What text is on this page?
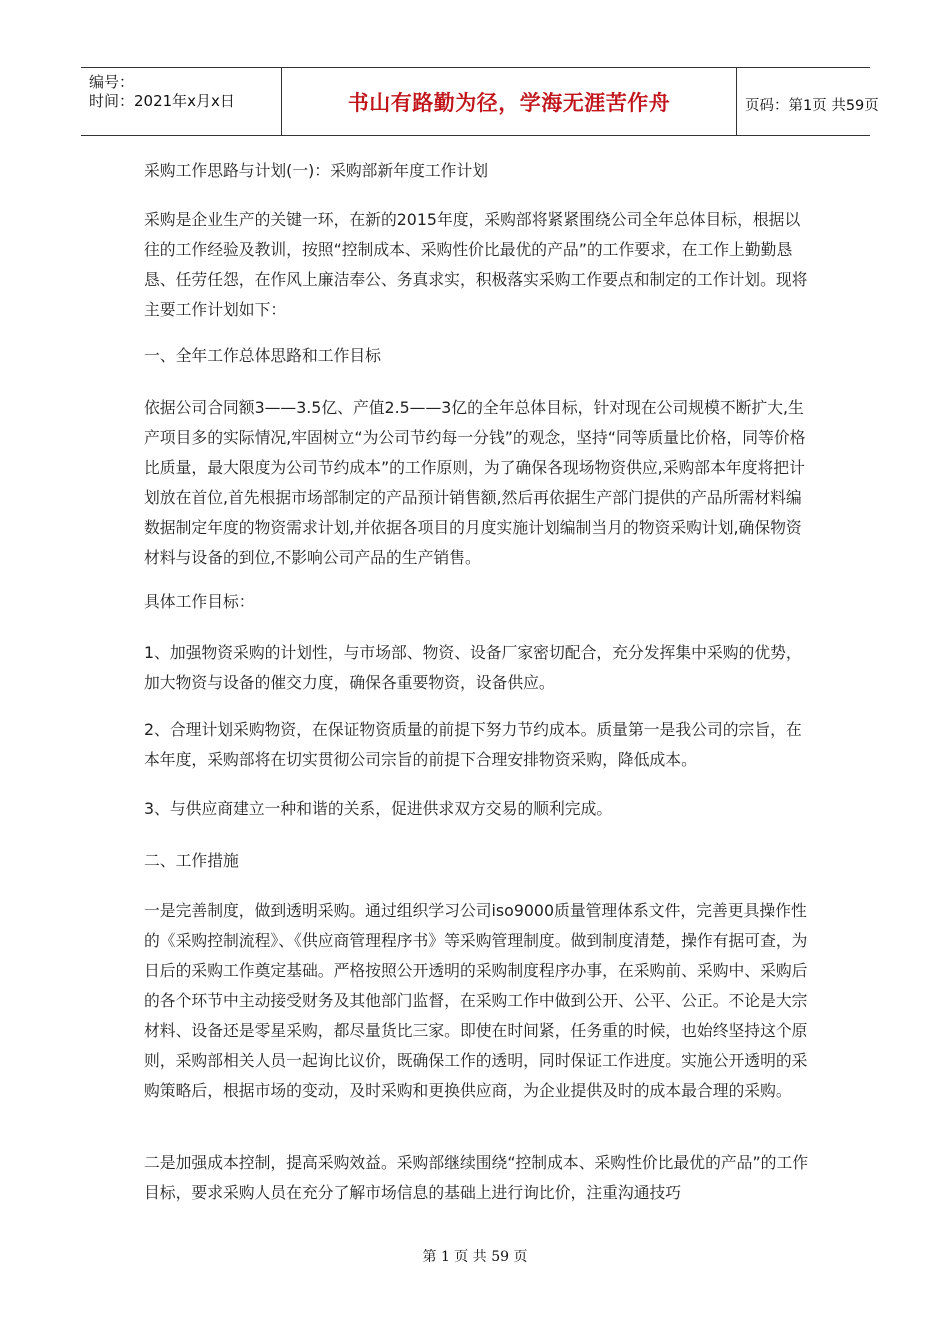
编号：
时间：2021年x月x日	书山有路勤为径，学海无涯苦作舟	页码：第1页 共59页
采购工作思路与计划(一)：采购部新年度工作计划
采购是企业生产的关键一环，在新的2015年度，采购部将紧紧围绕公司全年总体目标，根据以往的工作经验及教训，按照“控制成本、采购性价比最优的产品”的工作要求，在工作上勤勤恳恳、任劳任怨，在作风上廉洁奉公、务真求实，积极落实采购工作要点和制定的工作计划。现将主要工作计划如下：
一、全年工作总体思路和工作目标
依据公司合同额3——3.5亿、产值2.5——3亿的全年总体目标，针对现在公司规模不断扩大,生产项目多的实际情况,牢固树立“为公司节约每一分钱”的观念，坚持“同等质量比价格，同等价格比质量，最大限度为公司节约成本”的工作原则，为了确保各现场物资供应,采购部本年度将把计划放在首位,首先根据市场部制定的产品预计销售额,然后再依据生产部门提供的产品所需材料编数据制定年度的物资需求计划,并依据各项目的月度实施计划编制当月的物资采购计划,确保物资材料与设备的到位,不影响公司产品的生产销售。
具体工作目标：
1、加强物资采购的计划性，与市场部、物资、设备厂家密切配合，充分发挥集中采购的优势，加大物资与设备的催交力度，确保各重要物资，设备供应。
2、合理计划采购物资，在保证物资质量的前提下努力节约成本。质量第一是我公司的宗旨，在本年度，采购部将在切实贯彻公司宗旨的前提下合理安排物资采购，降低成本。
3、与供应商建立一种和谐的关系，促进供求双方交易的顺利完成。
二、工作措施
一是完善制度，做到透明采购。通过组织学习公司iso9000质量管理体系文件，完善更具操作性的《采购控制流程》、《供应商管理程序书》等采购管理制度。做到制度清楚，操作有据可查，为日后的采购工作奠定基础。严格按照公开透明的采购制度程序办事，在采购前、采购中、采购后的各个环节中主动接受财务及其他部门监督，在采购工作中做到公开、公平、公正。不论是大宗材料、设备还是零星采购，都尽量货比三家。即使在时间紧，任务重的时候，也始终坚持这个原则，采购部相关人员一起询比议价，既确保工作的透明，同时保证工作进度。实施公开透明的采购策略后，根据市场的变动，及时采购和更换供应商，为企业提供及时的成本最合理的采购。
二是加强成本控制，提高采购效益。采购部继续围绕“控制成本、采购性价比最优的产品”的工作目标，要求采购人员在充分了解市场信息的基础上进行询比价，注重沟通技巧
第 1 页 共 59 页
